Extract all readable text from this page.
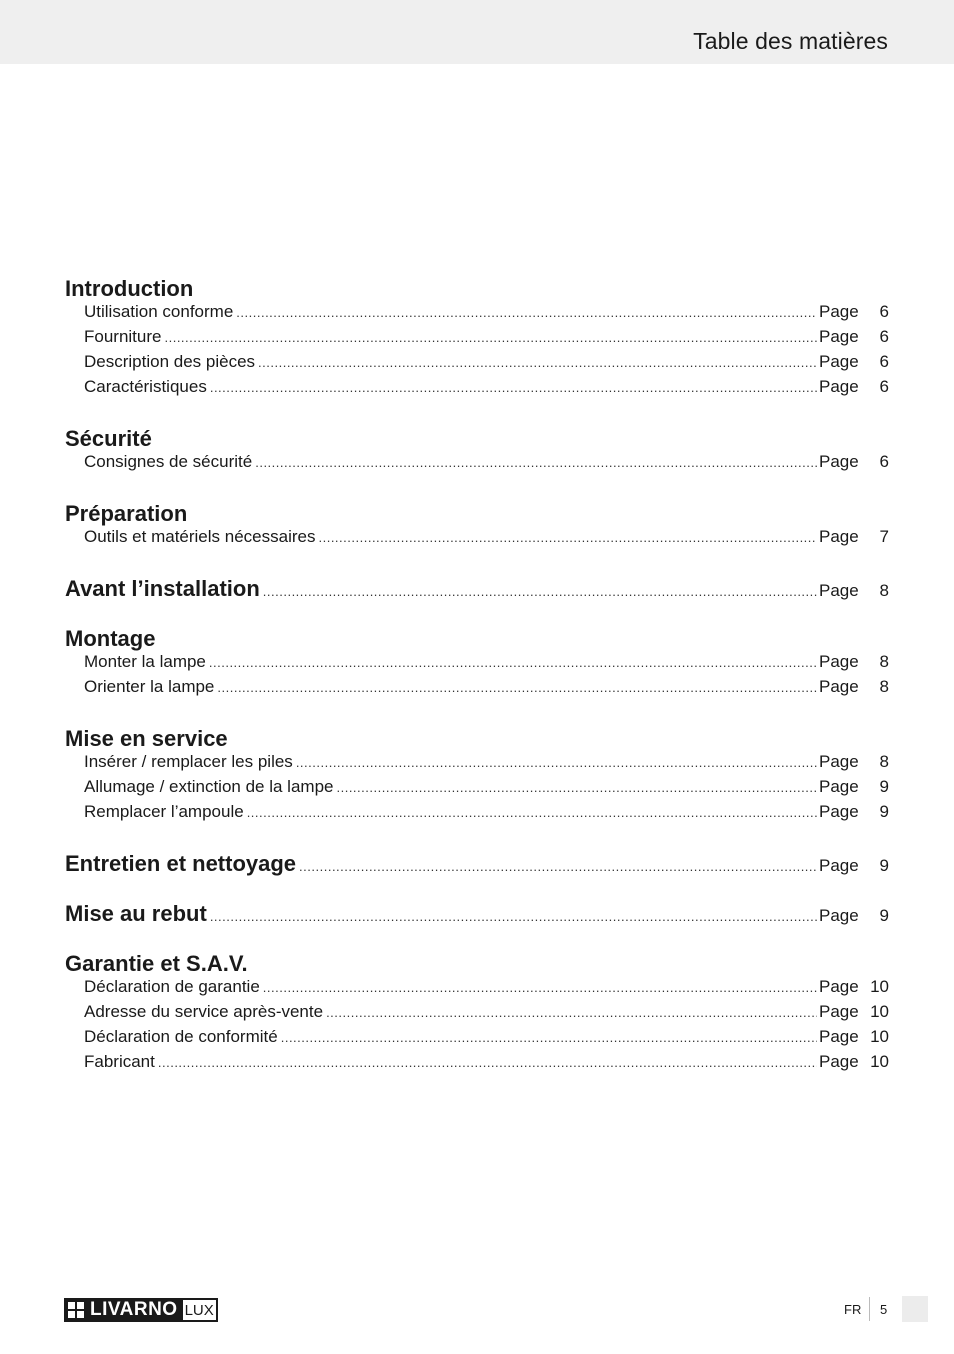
Table des matières
Introduction
Utilisation conforme .....	Page	6
Fourniture .....	Page	6
Description des pièces .....	Page	6
Caractéristiques .....	Page	6
Sécurité
Consignes de sécurité .....	Page	6
Préparation
Outils et matériels nécessaires .....	Page	7
Avant l’installation .....	Page	8
Montage
Monter la lampe .....	Page	8
Orienter la lampe .....	Page	8
Mise en service
Insérer / remplacer les piles .....	Page	8
Allumage / extinction de la lampe .....	Page	9
Remplacer l’ampoule .....	Page	9
Entretien et nettoyage .....	Page	9
Mise au rebut .....	Page	9
Garantie et S.A.V.
Déclaration de garantie .....	Page 10
Adresse du service après-vente .....	Page 10
Déclaration de conformité .....	Page 10
Fabricant .....	Page 10
LIVARNO LUX	FR 5
